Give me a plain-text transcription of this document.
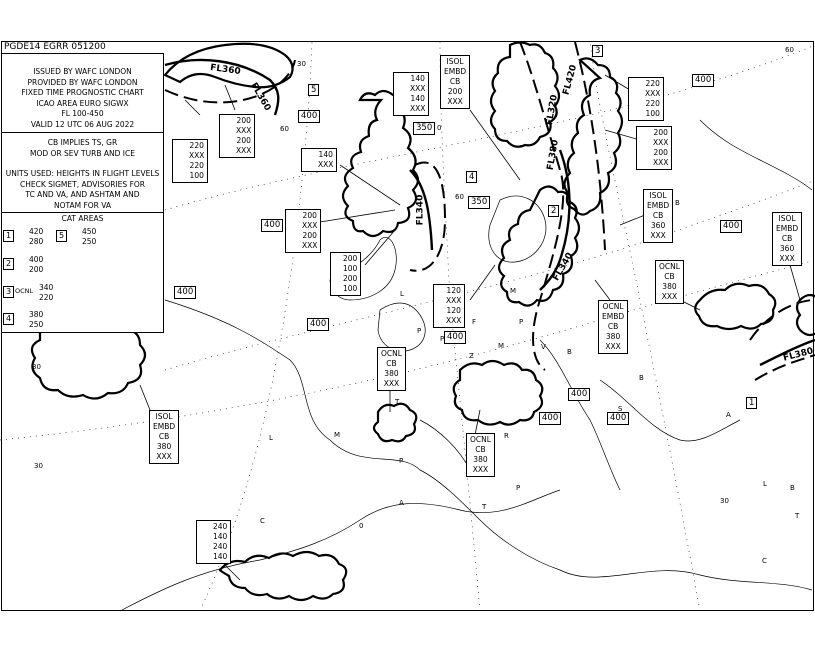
PGDE14 EGRR 051200
ISSUED BY WAFC LONDON
PROVIDED BY WAFC LONDON
FIXED TIME PROGNOSTIC CHART
ICAO AREA EURO SIGWX
FL 100-450
VALID 12 UTC 06 AUG 2022
CB IMPLIES TS, GR
MOD OR SEV TURB AND ICE
UNITS USED: HEIGHTS IN FLIGHT LEVELS
CHECK SIGMET, ADVISORIES FOR
TC AND VA, AND ASHTAM AND
NOTAM FOR VA
CAT AREAS
1 420
280
5 450
250
2 400
200
3 OCNL 340
220
4 380
250
3
5
4
2
1
FL360
FL360
FL340
FL320
FL380
FL420
FL340
FL380
400
400
350
350
400	400
400
400
400
400
400	400
ISOL
EMBD
CB
200
XXX
ISOL
EMBD
CB
360
XXX
ISOL
EMBD
CB
360
XXX
OCNL
CB
380
XXX
OCNL
EMBD
CB
380
XXX
OCNL
CB
380
XXX
OCNL
CB
380
XXX
ISOL
EMBD
CB
380
XXX
220
XXX
220
100
200
XXX
200
XXX
140
XXX
140
XXX
220
XXX
220
100
200
XXX
200
XXX
140
XXX
200
XXX
200
XXX
200
100
200
100	120
XXX
120
XXX
240
140
240
140
L
P
P
F
P
M
B
B
Z
V
S
T
M
L
P
A
C
T
P
A
B
L
B
T
C
M
R
30
30
30
60
60
0
0
30
60
